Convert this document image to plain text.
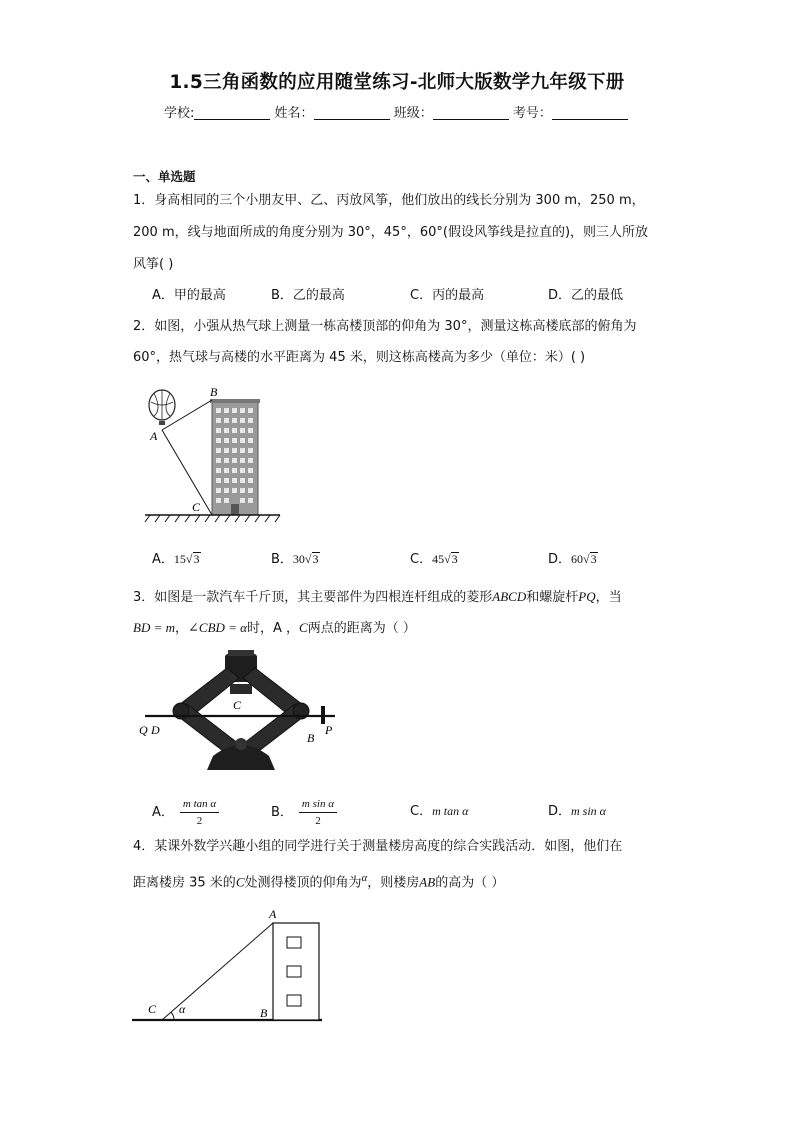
1.5三角函数的应用随堂练习-北师大版数学九年级下册
学校:	姓名：	班级：	考号：
一、单选题
1．身高相同的三个小朋友甲、乙、丙放风筝，他们放出的线长分别为 300 m，250 m，
200 m，线与地面所成的角度分别为 30°，45°，60°(假设风筝线是拉直的)，则三人所放
风筝( )
A．甲的最高	B．乙的最高	C．丙的最高	D．乙的最低
2．如图，小强从热气球上测量一栋高楼顶部的仰角为 30°，测量这栋高楼底部的俯角为
60°，热气球与高楼的水平距离为 45 米，则这栋高楼高为多少（单位：米）( )
B
A
C
A．15√3	B．30√3	C．45√3	D．60√3
3．如图是一款汽车千斤顶，其主要部件为四根连杆组成的菱形ABCD和螺旋杆PQ，当
BD = m，∠CBD = α时，A ，C两点的距离为（ ）
C
Q D	A	B
P
A． $\frac{\text{m tan α}}{2}$	B． $\frac{\text{m sin α}}{2}$	C．m tan α	D．m sin α
4．某课外数学兴趣小组的同学进行关于测量楼房高度的综合实践活动．如图，他们在
距离楼房 35 米的C处测得楼顶的仰角为$^\alpha$，则楼房AB的高为（ ）
A
B
C α
